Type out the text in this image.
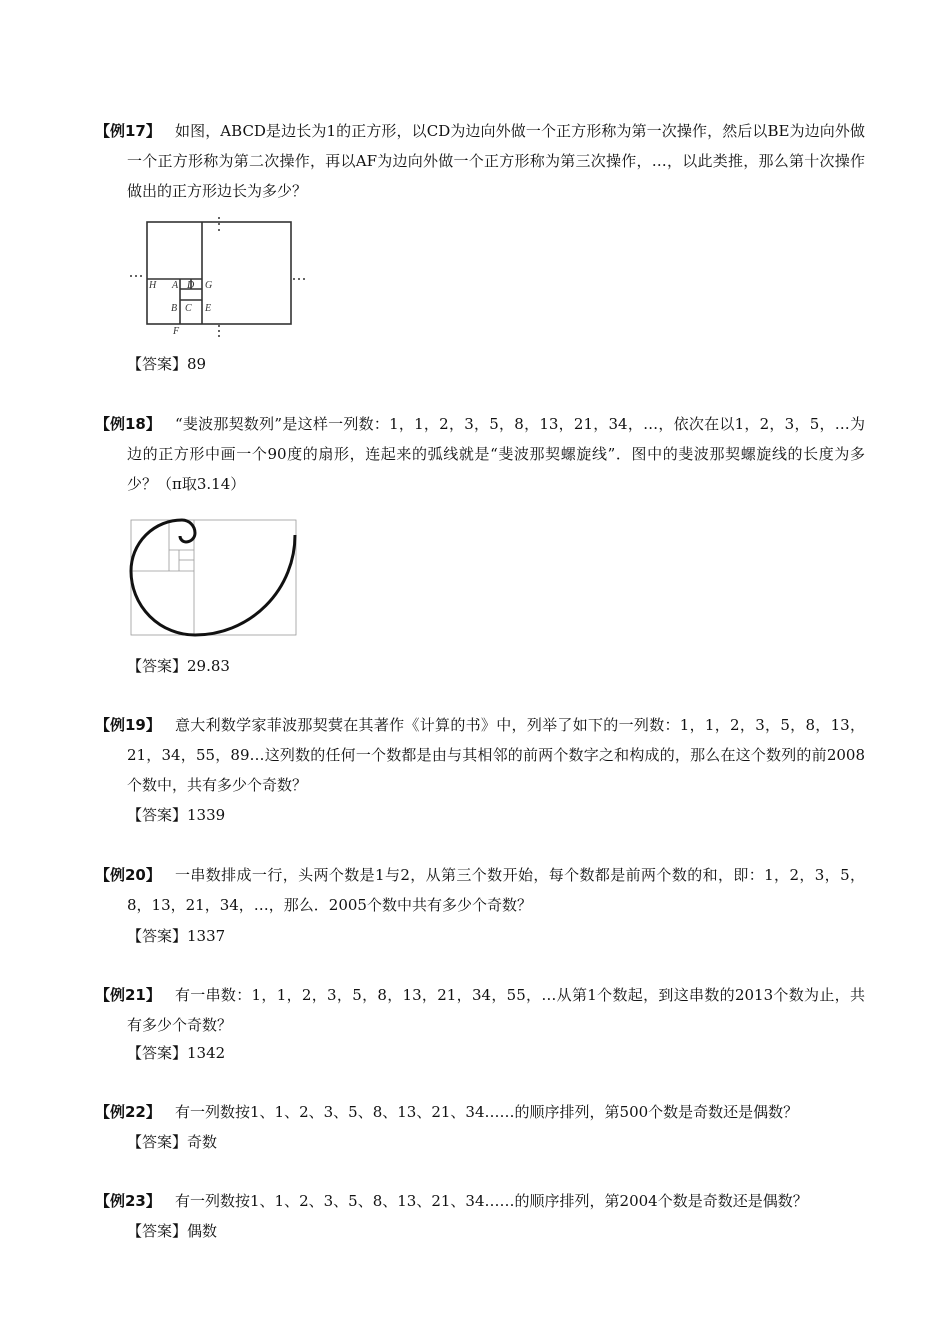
【例17】 如图，ABCD是边长为1的正方形，以CD为边向外做一个正方形称为第一次操作，然后以BE为边向外做一个正方形称为第二次操作，再以AF为边向外做一个正方形称为第三次操作，…，以此类推，那么第十次操作做出的正方形边长为多少？
H A D G
B C E
F
【答案】89
【例18】 “斐波那契数列”是这样一列数：1，1，2，3，5，8，13，21，34，…，依次在以1，2，3，5，…为边的正方形中画一个90度的扇形，连起来的弧线就是“斐波那契螺旋线”．图中的斐波那契螺旋线的长度为多少？（π取3.14）
【答案】29.83
【例19】 意大利数学家菲波那契蓂在其著作《计算的书》中，列举了如下的一列数：1，1，2，3，5，8，13，21，34，55，89…这列数的任何一个数都是由与其相邻的前两个数字之和构成的，那么在这个数列的前2008个数中，共有多少个奇数？
【答案】1339
【例20】 一串数排成一行，头两个数是1与2，从第三个数开始，每个数都是前两个数的和，即：1，2，3，5，8，13，21，34，…，那么．2005个数中共有多少个奇数？
【答案】1337
【例21】 有一串数：1，1，2，3，5，8，13，21，34，55，…从第1个数起，到这串数的2013个数为止，共有多少个奇数？
【答案】1342
【例22】 有一列数按1、1、2、3、5、8、13、21、34……的顺序排列，第500个数是奇数还是偶数？
【答案】奇数
【例23】 有一列数按1、1、2、3、5、8、13、21、34……的顺序排列，第2004个数是奇数还是偶数？
【答案】偶数
